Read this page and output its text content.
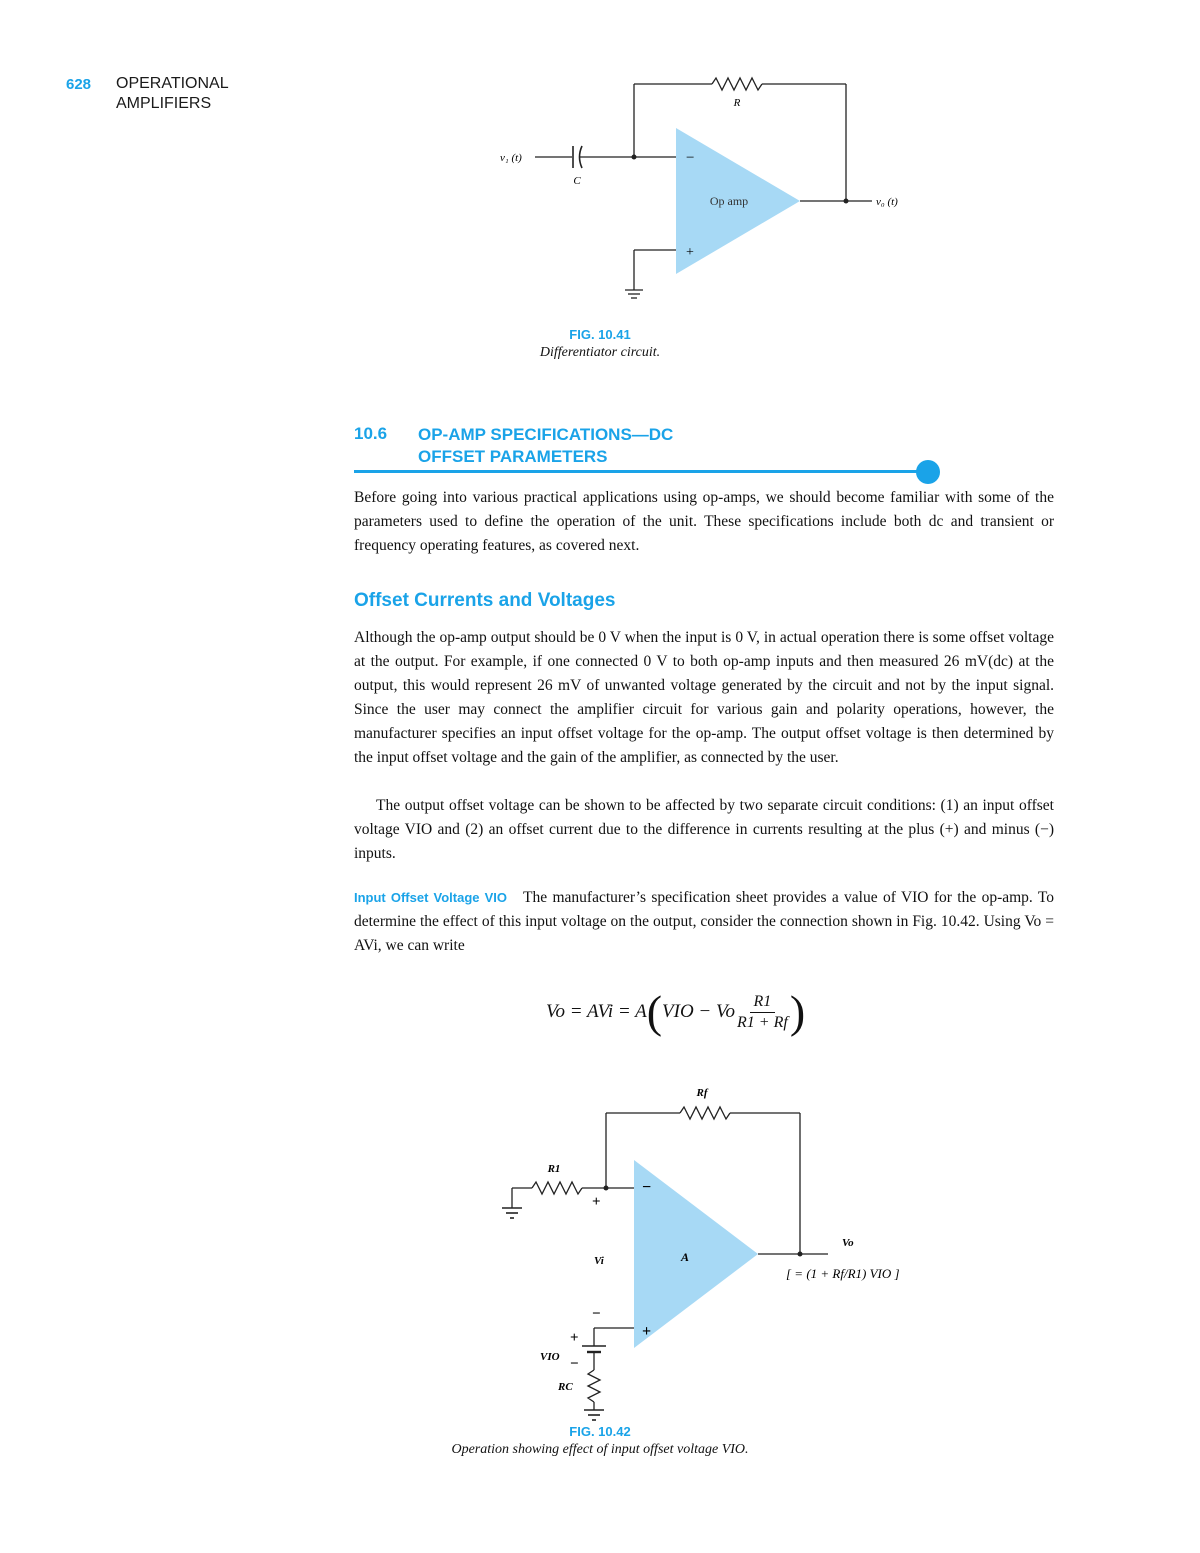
628 OPERATIONAL
AMPLIFIERS	R
v₁ (t)
C
−
+
Op amp	v₀ (t)
FIG. 10.41
Differentiator circuit.
10.6 OP-AMP SPECIFICATIONS—DC
OFFSET PARAMETERS
Before going into various practical applications using op-amps, we should become familiar with some of the parameters used to define the operation of the unit. These specifications include both dc and transient or frequency operating features, as covered next.
Offset Currents and Voltages
Although the op-amp output should be 0 V when the input is 0 V, in actual operation there is some offset voltage at the output. For example, if one connected 0 V to both op-amp inputs and then measured 26 mV(dc) at the output, this would represent 26 mV of unwanted voltage generated by the circuit and not by the input signal. Since the user may connect the amplifier circuit for various gain and polarity operations, however, the manufacturer specifies an input offset voltage for the op-amp. The output offset voltage is then determined by the input offset voltage and the gain of the amplifier, as connected by the user.
The output offset voltage can be shown to be affected by two separate circuit conditions: (1) an input offset voltage VIO and (2) an offset current due to the difference in currents resulting at the plus (+) and minus (−) inputs.
Input Offset Voltage VIO The manufacturer’s specification sheet provides a value of VIO for the op-amp. To determine the effect of this input voltage on the output, consider the connection shown in Fig. 10.42. Using Vo = AVi, we can write
Vo = AVi = A ( VIO − Vo $\frac{R1}{R1 + Rf}$ )
Rf
R1
−
+
A
+
Vi
−
+
VIO −
RC
Vo
[ = (1 + Rf/R1) VIO ]
FIG. 10.42
Operation showing effect of input offset voltage VIO.
